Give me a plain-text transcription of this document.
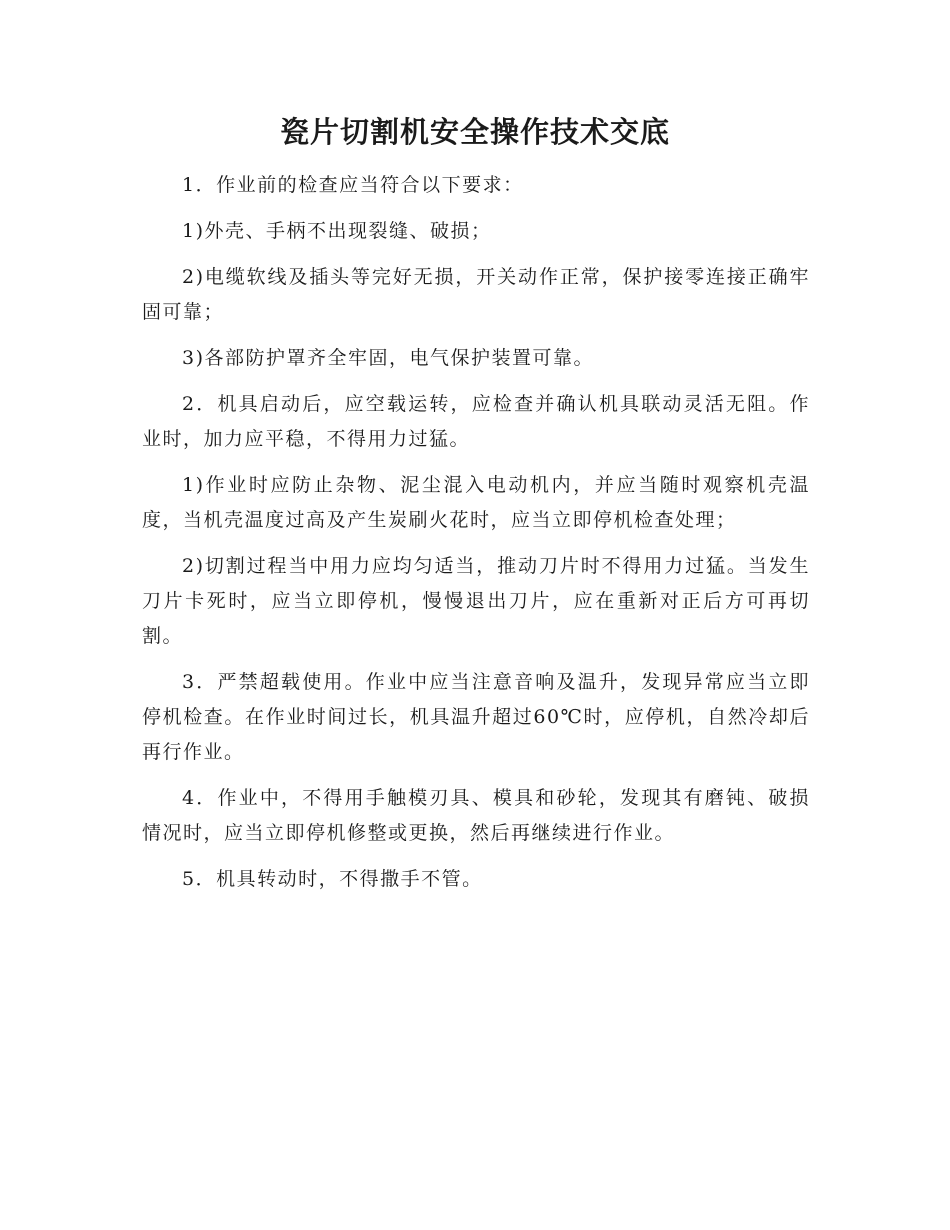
瓷片切割机安全操作技术交底

1．作业前的检查应当符合以下要求：

1)外壳、手柄不出现裂缝、破损；

2)电缆软线及插头等完好无损，开关动作正常，保护接零连接正确牢固可靠；

3)各部防护罩齐全牢固，电气保护装置可靠。

2．机具启动后，应空载运转，应检查并确认机具联动灵活无阻。作业时，加力应平稳，不得用力过猛。

1)作业时应防止杂物、泥尘混入电动机内，并应当随时观察机壳温度，当机壳温度过高及产生炭刷火花时，应当立即停机检查处理；

2)切割过程当中用力应均匀适当，推动刀片时不得用力过猛。当发生刀片卡死时，应当立即停机，慢慢退出刀片，应在重新对正后方可再切割。

3．严禁超载使用。作业中应当注意音响及温升，发现异常应当立即停机检查。在作业时间过长，机具温升超过60℃时，应停机，自然冷却后再行作业。

4．作业中，不得用手触模刃具、模具和砂轮，发现其有磨钝、破损情况时，应当立即停机修整或更换，然后再继续进行作业。

5．机具转动时，不得撒手不管。
